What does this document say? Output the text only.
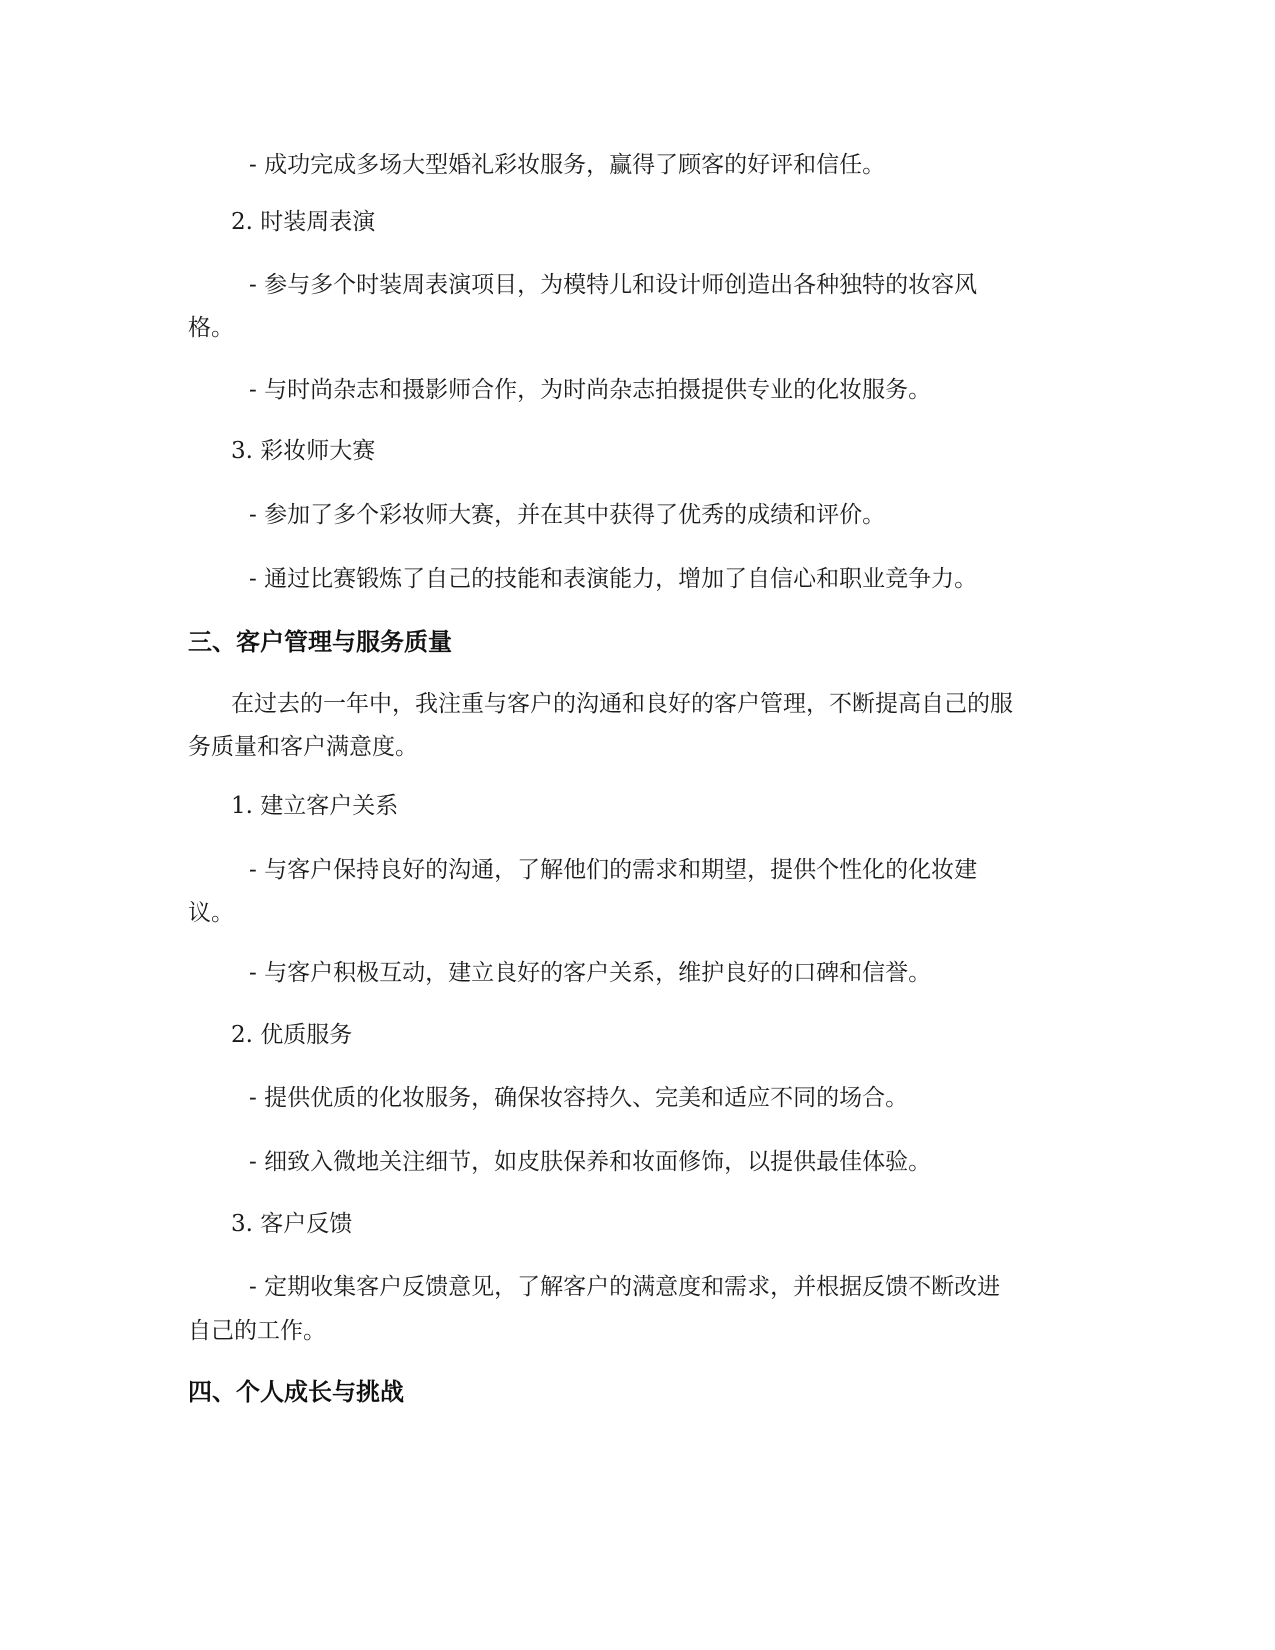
- 成功完成多场大型婚礼彩妆服务，赢得了顾客的好评和信任。
2. 时装周表演
- 参与多个时装周表演项目，为模特儿和设计师创造出各种独特的妆容风
格。
- 与时尚杂志和摄影师合作，为时尚杂志拍摄提供专业的化妆服务。
3. 彩妆师大赛
- 参加了多个彩妆师大赛，并在其中获得了优秀的成绩和评价。
- 通过比赛锻炼了自己的技能和表演能力，增加了自信心和职业竞争力。
三、客户管理与服务质量
在过去的一年中，我注重与客户的沟通和良好的客户管理，不断提高自己的服
务质量和客户满意度。
1. 建立客户关系
- 与客户保持良好的沟通，了解他们的需求和期望，提供个性化的化妆建
议。
- 与客户积极互动，建立良好的客户关系，维护良好的口碑和信誉。
2. 优质服务
- 提供优质的化妆服务，确保妆容持久、完美和适应不同的场合。
- 细致入微地关注细节，如皮肤保养和妆面修饰，以提供最佳体验。
3. 客户反馈
- 定期收集客户反馈意见，了解客户的满意度和需求，并根据反馈不断改进
自己的工作。
四、个人成长与挑战
